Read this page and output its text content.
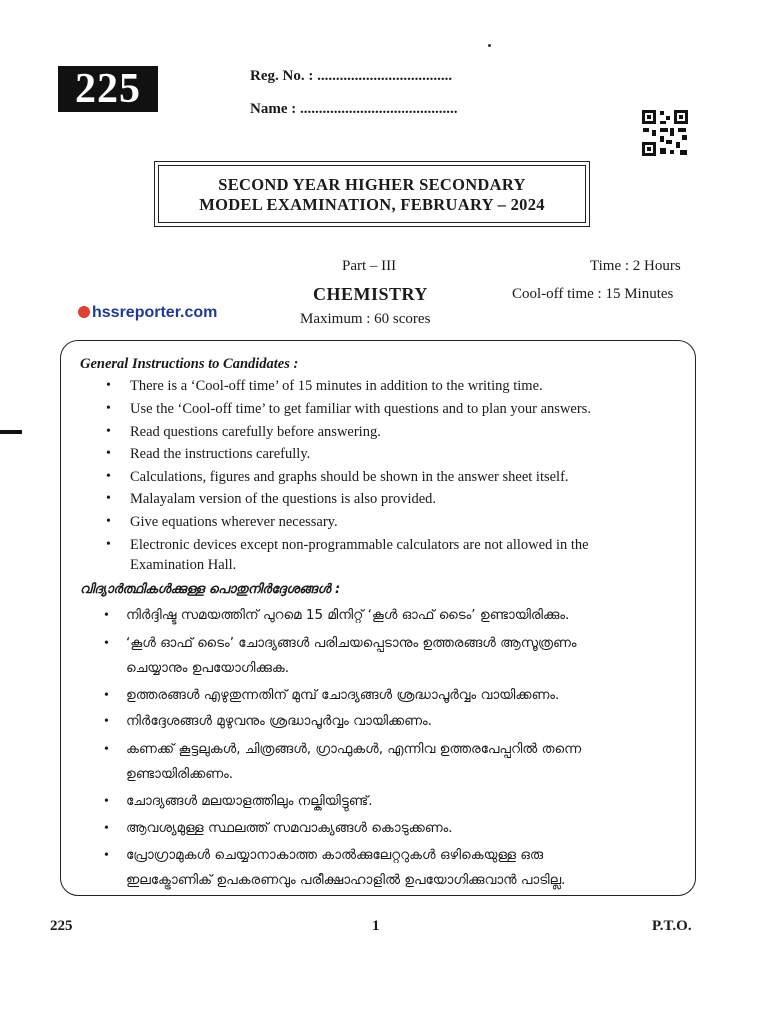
225	Reg. No. : ....................................
Name : ..........................................
SECOND YEAR HIGHER SECONDARY
MODEL EXAMINATION, FEBRUARY – 2024
Part – III
CHEMISTRY
Maximum : 60 scores
Time : 2 Hours
Cool-off time : 15 Minutes
hssreporter.com
General Instructions to Candidates :
• There is a ‘Cool-off time’ of 15 minutes in addition to the writing time.
• Use the ‘Cool-off time’ to get familiar with questions and to plan your answers.
• Read questions carefully before answering.
• Read the instructions carefully.
• Calculations, figures and graphs should be shown in the answer sheet itself.
• Malayalam version of the questions is also provided.
• Give equations wherever necessary.
• Electronic devices except non-programmable calculators are not allowed in the
Examination Hall.
വിദ്യാർത്ഥികൾക്കുള്ള പൊതുനിർദ്ദേശങ്ങൾ :
• നിർദ്ദിഷ്ട സമയത്തിന് പുറമെ 15 മിനിറ്റ് ‘കൂൾ ഓഫ് ടൈം’ ഉണ്ടായിരിക്കും.
• ‘കൂൾ ഓഫ് ടൈം’ ചോദ്യങ്ങൾ പരിചയപ്പെടാനും ഉത്തരങ്ങൾ ആസൂത്രണം
ചെയ്യാനും ഉപയോഗിക്കുക.
• ഉത്തരങ്ങൾ എഴുതുന്നതിന് മുമ്പ് ചോദ്യങ്ങൾ ശ്രദ്ധാപൂർവ്വം വായിക്കണം.
• നിർദ്ദേശങ്ങൾ മുഴുവനും ശ്രദ്ധാപൂർവ്വം വായിക്കണം.
• കണക്ക് കൂട്ടലുകൾ, ചിത്രങ്ങൾ, ഗ്രാഫുകൾ, എന്നിവ ഉത്തരപേപ്പറിൽ തന്നെ
ഉണ്ടായിരിക്കണം.
• ചോദ്യങ്ങൾ മലയാളത്തിലും നല്കിയിട്ടുണ്ട്.
• ആവശ്യമുള്ള സ്ഥലത്ത് സമവാക്യങ്ങൾ കൊടുക്കണം.
• പ്രോഗ്രാമുകൾ ചെയ്യാനാകാത്ത കാൽക്കുലേറ്ററുകൾ ഒഴികെയുള്ള ഒരു
ഇലക്ട്രോണിക് ഉപകരണവും പരീക്ഷാഹാളിൽ ഉപയോഗിക്കുവാൻ പാടില്ല.
225	1	P.T.O.
